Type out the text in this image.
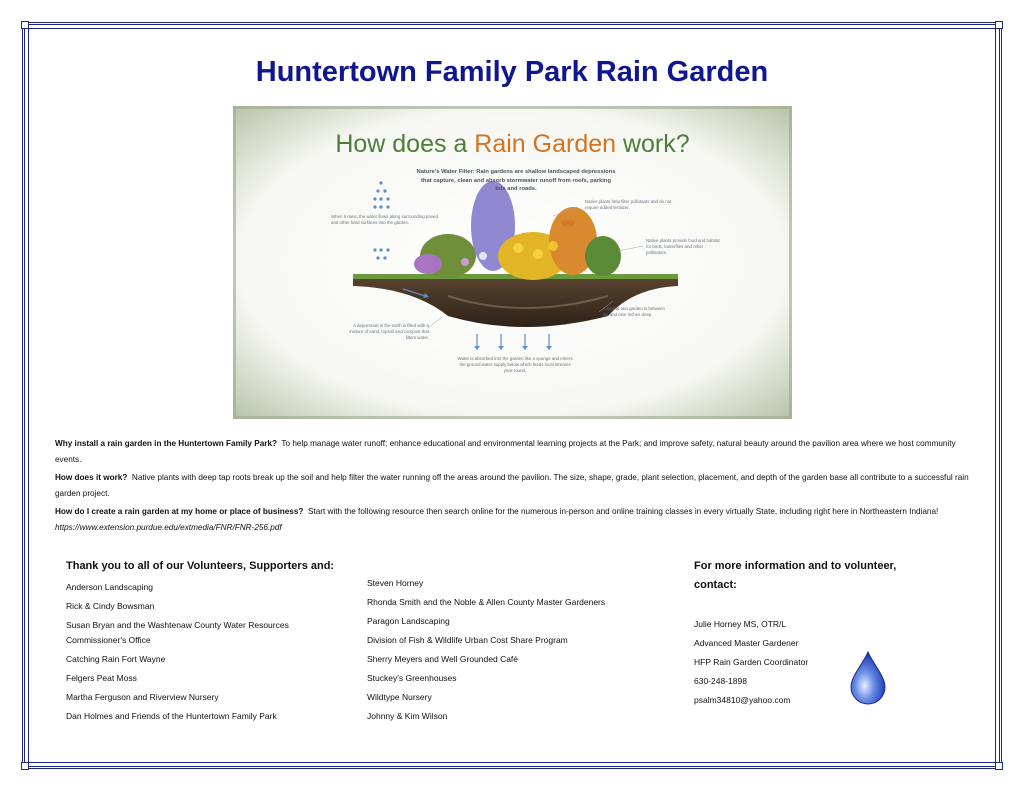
Huntertown Family Park Rain Garden
How does a Rain Garden work?
Nature's Water Filter: Rain gardens are shallow landscaped depressions that capture, clean and absorb stormwater runoff from roofs, parking lots and roads.
When it rains, the water flows along surrounding paved and other hard surfaces into the garden.
Native plants help filter pollutants and do not require added fertilizer.
Native plants provide food and habitat for birds, butterflies and other pollinators.
A typical rain garden is between six and nine inches deep.
A depression in the earth is filled with a mixture of sand, topsoil and compost that filters water.
Water is absorbed into the garden like a sponge and enters the ground water supply below which feeds local streams year-round.
Why install a rain garden in the Huntertown Family Park? To help manage water runoff; enhance educational and environmental learning projects at the Park; and improve safety, natural beauty around the pavilion area where we host community events.
How does it work? Native plants with deep tap roots break up the soil and help filter the water running off the areas around the pavilion. The size, shape, grade, plant selection, placement, and depth of the garden base all contribute to a successful rain garden project.
How do I create a rain garden at my home or place of business? Start with the following resource then search online for the numerous in-person and online training classes in every virtually State, including right here in Northeastern Indiana!  https://www.extension.purdue.edu/extmedia/FNR/FNR-256.pdf
Thank you to all of our Volunteers, Supporters and:
Anderson Landscaping
Rick & Cindy Bowsman
Susan Bryan and the Washtenaw County Water Resources
Commissioner's Office
Catching Rain Fort Wayne
Felgers Peat Moss
Martha Ferguson and Riverview Nursery
Dan Holmes and Friends of the Huntertown Family Park
Steven Horney
Rhonda Smith and the Noble & Allen County Master Gardeners
Paragon Landscaping
Division of Fish & Wildlife Urban Cost Share Program
Sherry Meyers and Well Grounded Café
Stuckey's Greenhouses
Wildtype Nursery
Johnny & Kim Wilson
For more information and to volunteer,
contact:
Julie Horney MS, OTR/L
Advanced Master Gardener
HFP Rain Garden Coordinator
630-248-1898
psalm34810@yahoo.com
